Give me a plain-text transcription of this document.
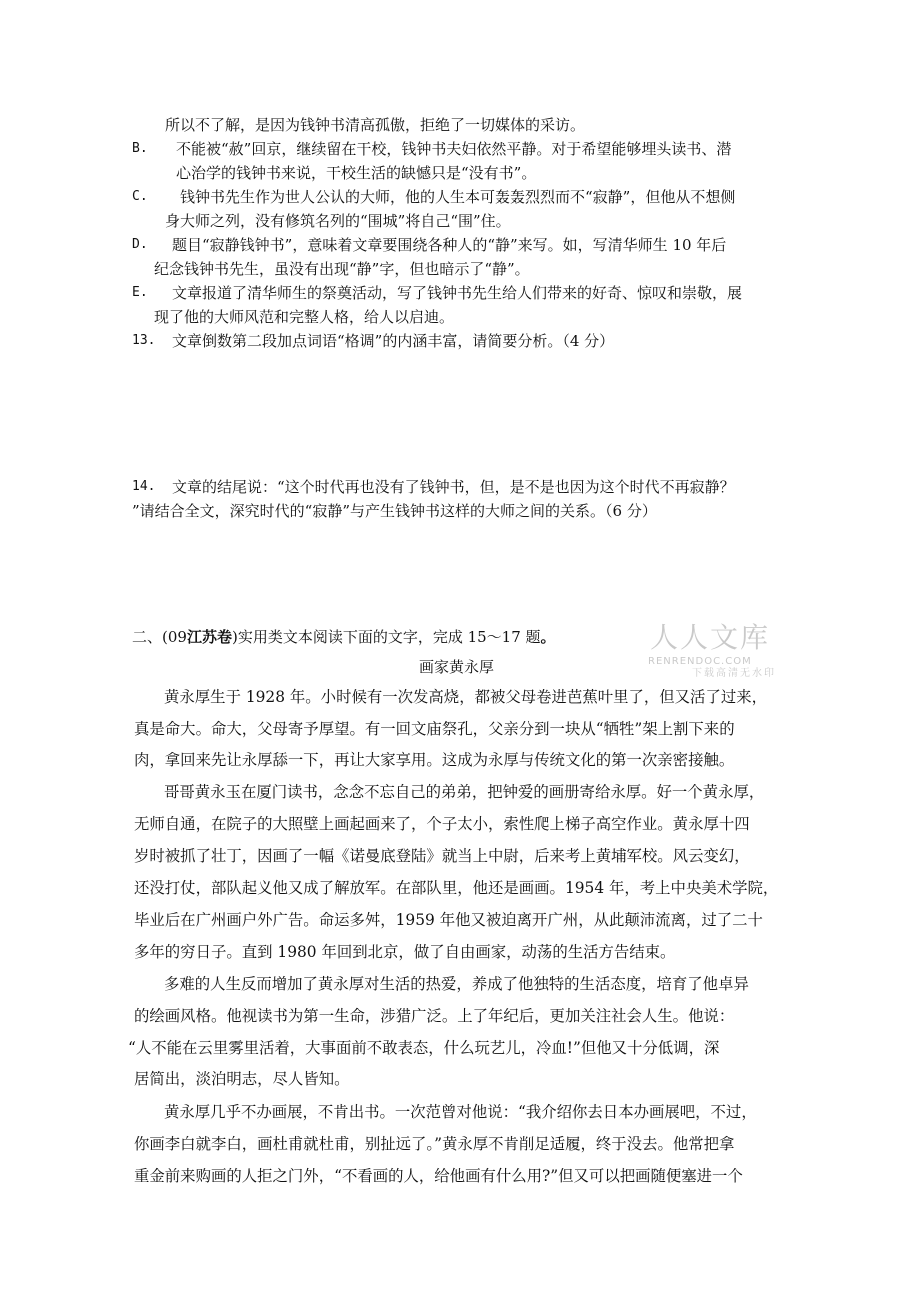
所以不了解，是因为钱钟书清高孤傲，拒绝了一切媒体的采访。
B. 不能被“赦”回京，继续留在干校，钱钟书夫妇依然平静。对于希望能够埋头读书、潜
心治学的钱钟书来说，干校生活的缺憾只是“没有书”。
C. 钱钟书先生作为世人公认的大师，他的人生本可轰轰烈烈而不“寂静”，但他从不想侧
身大师之列，没有修筑名列的“围城”将自己“围”住。
D. 题目“寂静钱钟书”，意味着文章要围绕各种人的“静”来写。如，写清华师生 10 年后
纪念钱钟书先生，虽没有出现“静”字，但也暗示了“静”。
E. 文章报道了清华师生的祭奠活动，写了钱钟书先生给人们带来的好奇、惊叹和崇敬，展
现了他的大师风范和完整人格，给人以启迪。
13. 文章倒数第二段加点词语“格调”的内涵丰富，请简要分析。（4 分）
14. 文章的结尾说：“这个时代再也没有了钱钟书，但，是不是也因为这个时代不再寂静？
”请结合全文，深究时代的“寂静”与产生钱钟书这样的大师之间的关系。（6 分）
二、(09江苏卷)实用类文本阅读下面的文字，完成 15～17 题。	人人文库
RENRENDOC.COM
下载高清无水印
画家黄永厚
黄永厚生于 1928 年。小时候有一次发高烧，都被父母卷进芭蕉叶里了，但又活了过来，
真是命大。命大，父母寄予厚望。有一回文庙祭孔，父亲分到一块从“牺牲”架上割下来的
肉，拿回来先让永厚舔一下，再让大家享用。这成为永厚与传统文化的第一次亲密接触。
哥哥黄永玉在厦门读书，念念不忘自己的弟弟，把钟爱的画册寄给永厚。好一个黄永厚，
无师自通，在院子的大照壁上画起画来了，个子太小，索性爬上梯子高空作业。黄永厚十四
岁时被抓了壮丁，因画了一幅《诺曼底登陆》就当上中尉，后来考上黄埔军校。风云变幻，
还没打仗，部队起义他又成了解放军。在部队里，他还是画画。1954 年，考上中央美术学院，
毕业后在广州画户外广告。命运多舛，1959 年他又被迫离开广州，从此颠沛流离，过了二十
多年的穷日子。直到 1980 年回到北京，做了自由画家，动荡的生活方告结束。
多难的人生反而增加了黄永厚对生活的热爱，养成了他独特的生活态度，培育了他卓异
的绘画风格。他视读书为第一生命，涉猎广泛。上了年纪后，更加关注社会人生。他说：
“人不能在云里雾里活着，大事面前不敢表态，什么玩艺儿，冷血!”但他又十分低调，深
居简出，淡泊明志，尽人皆知。
黄永厚几乎不办画展，不肯出书。一次范曾对他说：“我介绍你去日本办画展吧，不过，
你画李白就李白，画杜甫就杜甫，别扯远了。”黄永厚不肯削足适履，终于没去。他常把拿
重金前来购画的人拒之门外，“不看画的人，给他画有什么用?”但又可以把画随便塞进一个
